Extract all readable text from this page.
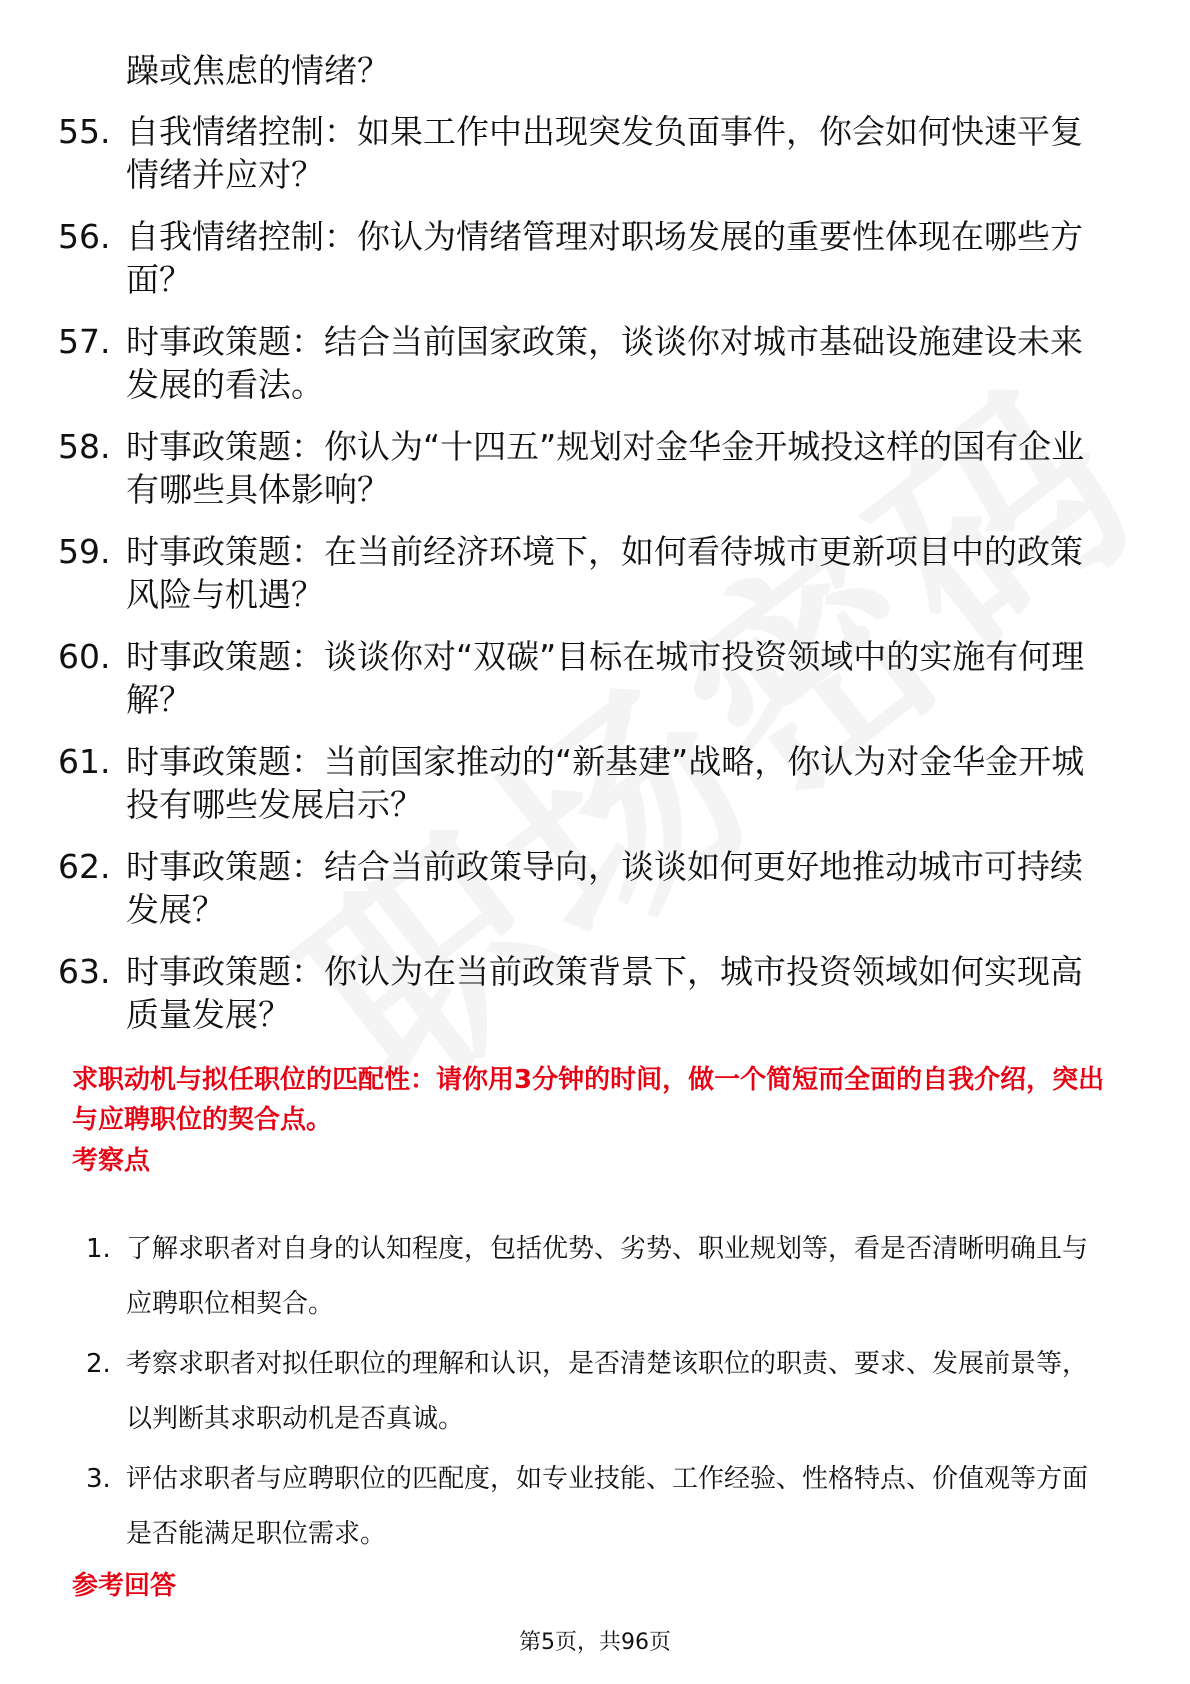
躁或焦虑的情绪？

55. 自我情绪控制：如果工作中出现突发负面事件，你会如何快速平复情绪并应对？
56. 自我情绪控制：你认为情绪管理对职场发展的重要性体现在哪些方面？
57. 时事政策题：结合当前国家政策，谈谈你对城市基础设施建设未来发展的看法。
58. 时事政策题：你认为“十四五”规划对金华金开城投这样的国有企业有哪些具体影响？
59. 时事政策题：在当前经济环境下，如何看待城市更新项目中的政策风险与机遇？
60. 时事政策题：谈谈你对“双碳”目标在城市投资领域中的实施有何理解？
61. 时事政策题：当前国家推动的“新基建”战略，你认为对金华金开城投有哪些发展启示？
62. 时事政策题：结合当前政策导向，谈谈如何更好地推动城市可持续发展？
63. 时事政策题：你认为在当前政策背景下，城市投资领域如何实现高质量发展？

求职动机与拟任职位的匹配性：请你用3分钟的时间，做一个简短而全面的自我介绍，突出与应聘职位的契合点。

考察点

1. 了解求职者对自身的认知程度，包括优势、劣势、职业规划等，看是否清晰明确且与应聘职位相契合。
2. 考察求职者对拟任职位的理解和认识，是否清楚该职位的职责、要求、发展前景等，以判断其求职动机是否真诚。
3. 评估求职者与应聘职位的匹配度，如专业技能、工作经验、性格特点、价值观等方面是否能满足职位需求。

参考回答

第5页，共96页
